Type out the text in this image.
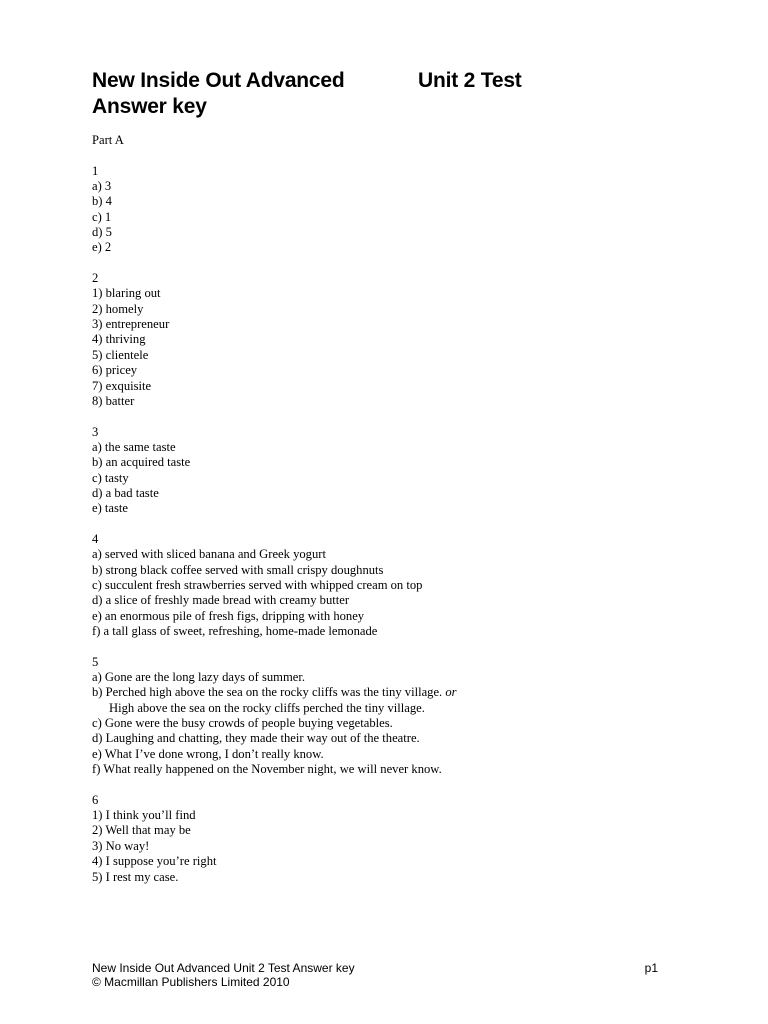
New Inside Out Advanced	Unit 2 Test
Answer key
Part A
1
a) 3
b) 4
c) 1
d) 5
e) 2
2
1) blaring out
2) homely
3) entrepreneur
4) thriving
5) clientele
6) pricey
7) exquisite
8) batter
3
a) the same taste
b) an acquired taste
c) tasty
d) a bad taste
e) taste
4
a) served with sliced banana and Greek yogurt
b) strong black coffee served with small crispy doughnuts
c) succulent fresh strawberries served with whipped cream on top
d) a slice of freshly made bread with creamy butter
e) an enormous pile of fresh figs, dripping with honey
f) a tall glass of sweet, refreshing, home-made lemonade
5
a) Gone are the long lazy days of summer.
b) Perched high above the sea on the rocky cliffs was the tiny village. or
High above the sea on the rocky cliffs perched the tiny village.
c) Gone were the busy crowds of people buying vegetables.
d) Laughing and chatting, they made their way out of the theatre.
e) What I’ve done wrong, I don’t really know.
f) What really happened on the November night, we will never know.
6
1) I think you’ll find
2) Well that may be
3) No way!
4) I suppose you’re right
5) I rest my case.
New Inside Out Advanced Unit 2 Test Answer key	p1
© Macmillan Publishers Limited 2010
